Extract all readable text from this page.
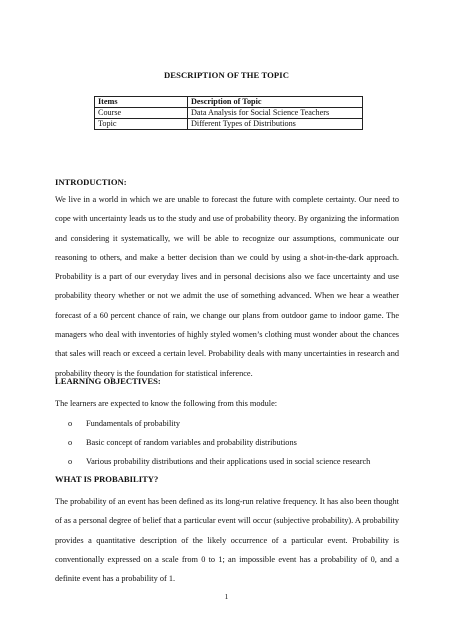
DESCRIPTION OF THE TOPIC
Items	Description of Topic
Course	Data Analysis for Social Science Teachers
Topic	Different Types of Distributions
INTRODUCTION:

We live in a world in which we are unable to forecast the future with complete certainty. Our need to cope with uncertainty leads us to the study and use of probability theory. By organizing the information and considering it systematically, we will be able to recognize our assumptions, communicate our reasoning to others, and make a better decision than we could by using a shot-in-the-dark approach. Probability is a part of our everyday lives and in personal decisions also we face uncertainty and use probability theory whether or not we admit the use of something advanced. When we hear a weather forecast of a 60 percent chance of rain, we change our plans from outdoor game to indoor game. The managers who deal with inventories of highly styled women’s clothing must wonder about the chances that sales will reach or exceed a certain level. Probability deals with many uncertainties in research and probability theory is the foundation for statistical inference.

LEARNING OBJECTIVES:

The learners are expected to know the following from this module:

o Fundamentals of probability
o Basic concept of random variables and probability distributions
o Various probability distributions and their applications used in social science research
WHAT IS PROBABILITY?

The probability of an event has been defined as its long-run relative frequency. It has also been thought of as a personal degree of belief that a particular event will occur (subjective probability). A probability provides a quantitative description of the likely occurrence of a particular event. Probability is conventionally expressed on a scale from 0 to 1; an impossible event has a probability of 0, and a definite event has a probability of 1.

1
